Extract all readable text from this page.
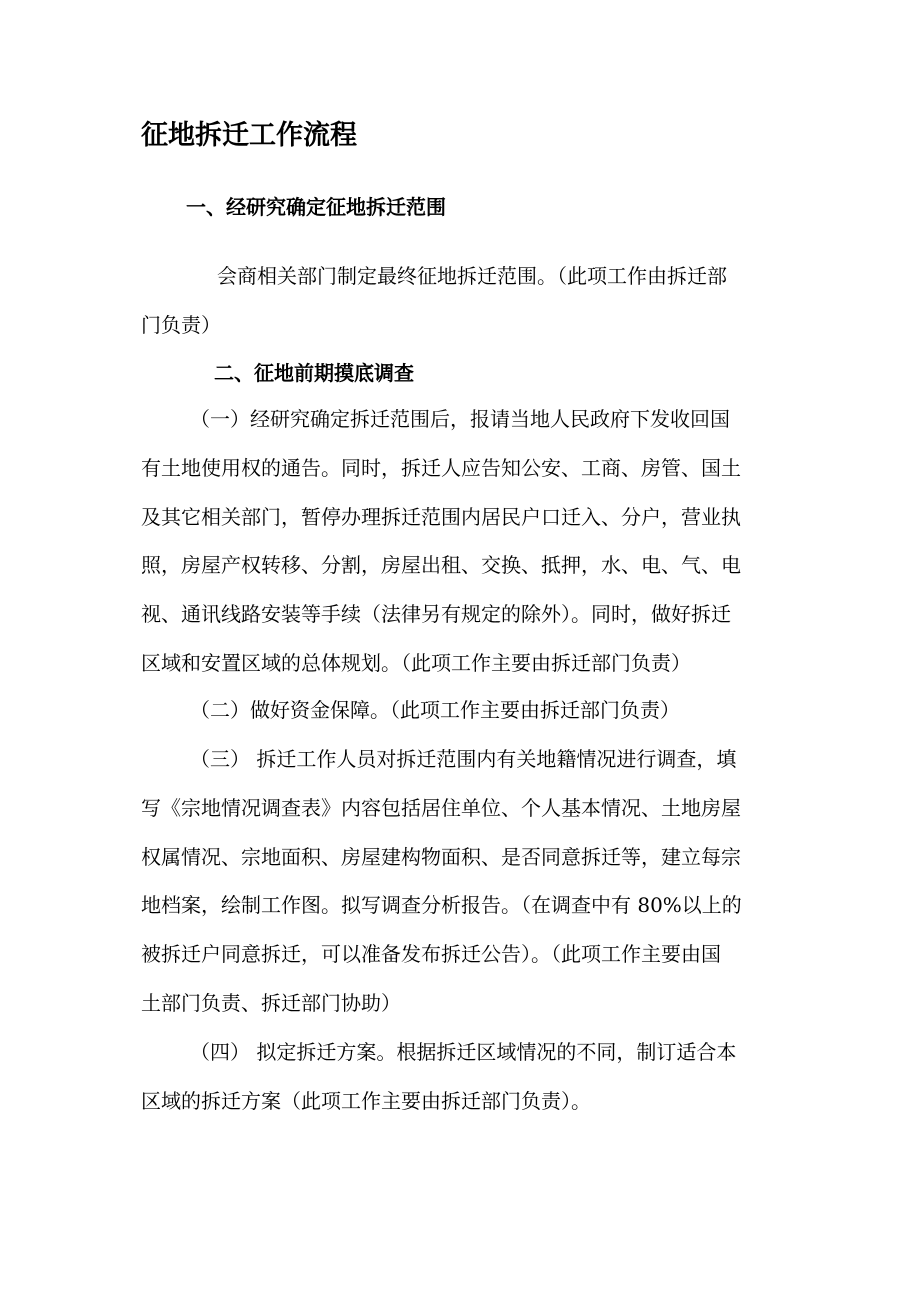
征地拆迁工作流程
一、经研究确定征地拆迁范围
会商相关部门制定最终征地拆迁范围。（此项工作由拆迁部
门负责）
二、征地前期摸底调查
（一）经研究确定拆迁范围后，报请当地人民政府下发收回国
有土地使用权的通告。同时，拆迁人应告知公安、工商、房管、国土
及其它相关部门，暂停办理拆迁范围内居民户口迁入、分户，营业执
照，房屋产权转移、分割，房屋出租、交换、抵押，水、电、气、电
视、通讯线路安装等手续（法律另有规定的除外）。同时，做好拆迁
区域和安置区域的总体规划。（此项工作主要由拆迁部门负责）
（二）做好资金保障。（此项工作主要由拆迁部门负责）
（三） 拆迁工作人员对拆迁范围内有关地籍情况进行调查，填
写《宗地情况调查表》内容包括居住单位、个人基本情况、土地房屋
权属情况、宗地面积、房屋建构物面积、是否同意拆迁等，建立每宗
地档案，绘制工作图。拟写调查分析报告。（在调查中有 80%以上的
被拆迁户同意拆迁，可以准备发布拆迁公告）。（此项工作主要由国
土部门负责、拆迁部门协助）
（四） 拟定拆迁方案。根据拆迁区域情况的不同，制订适合本
区域的拆迁方案（此项工作主要由拆迁部门负责）。
